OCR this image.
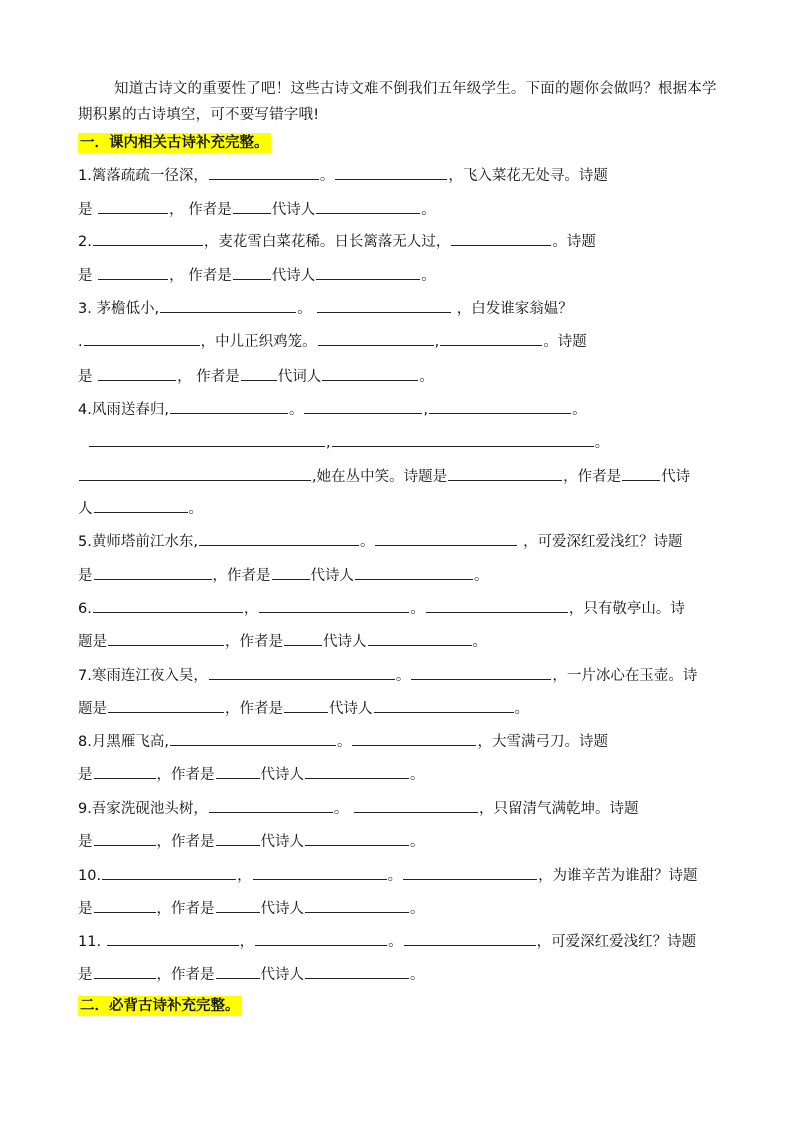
知道古诗文的重要性了吧！这些古诗文难不倒我们五年级学生。下面的题你会做吗？根据本学期积累的古诗填空，可不要写错字哦!
一．课内相关古诗补充完整。
1.篱落疏疏一径深，	。	，飞入菜花无处寻。诗题
是	， 作者是	代诗人	。
2.	，麦花雪白菜花稀。日长篱落无人过，	。诗题
是	， 作者是	代诗人	。
3. 茅檐低小,	。	，白发谁家翁媪？
.	，中儿正织鸡笼。	,	。诗题
是	， 作者是	代词人	。
4.风雨送春归,	。	,	。
,	。
,她在丛中笑。诗题是	，作者是	代诗
人	。
5.黄师塔前江水东,	。	，可爱深红爱浅红？诗题
是	，作者是	代诗人	。
6.	，	。	，只有敬亭山。诗
题是	，作者是	代诗人	。
7.寒雨连江夜入吴，	。	，一片冰心在玉壶。诗
题是	，作者是	代诗人	。
8.月黑雁飞高,	。	，大雪满弓刀。诗题
是	，作者是	代诗人	。
9.吾家洗砚池头树，	。	，只留清气满乾坤。诗题
是	，作者是	代诗人	。
10.	，	。	，为谁辛苦为谁甜？诗题
是	，作者是	代诗人	。
11.	，	。	，可爱深红爱浅红？诗题
是	，作者是	代诗人	。
二．必背古诗补充完整。
